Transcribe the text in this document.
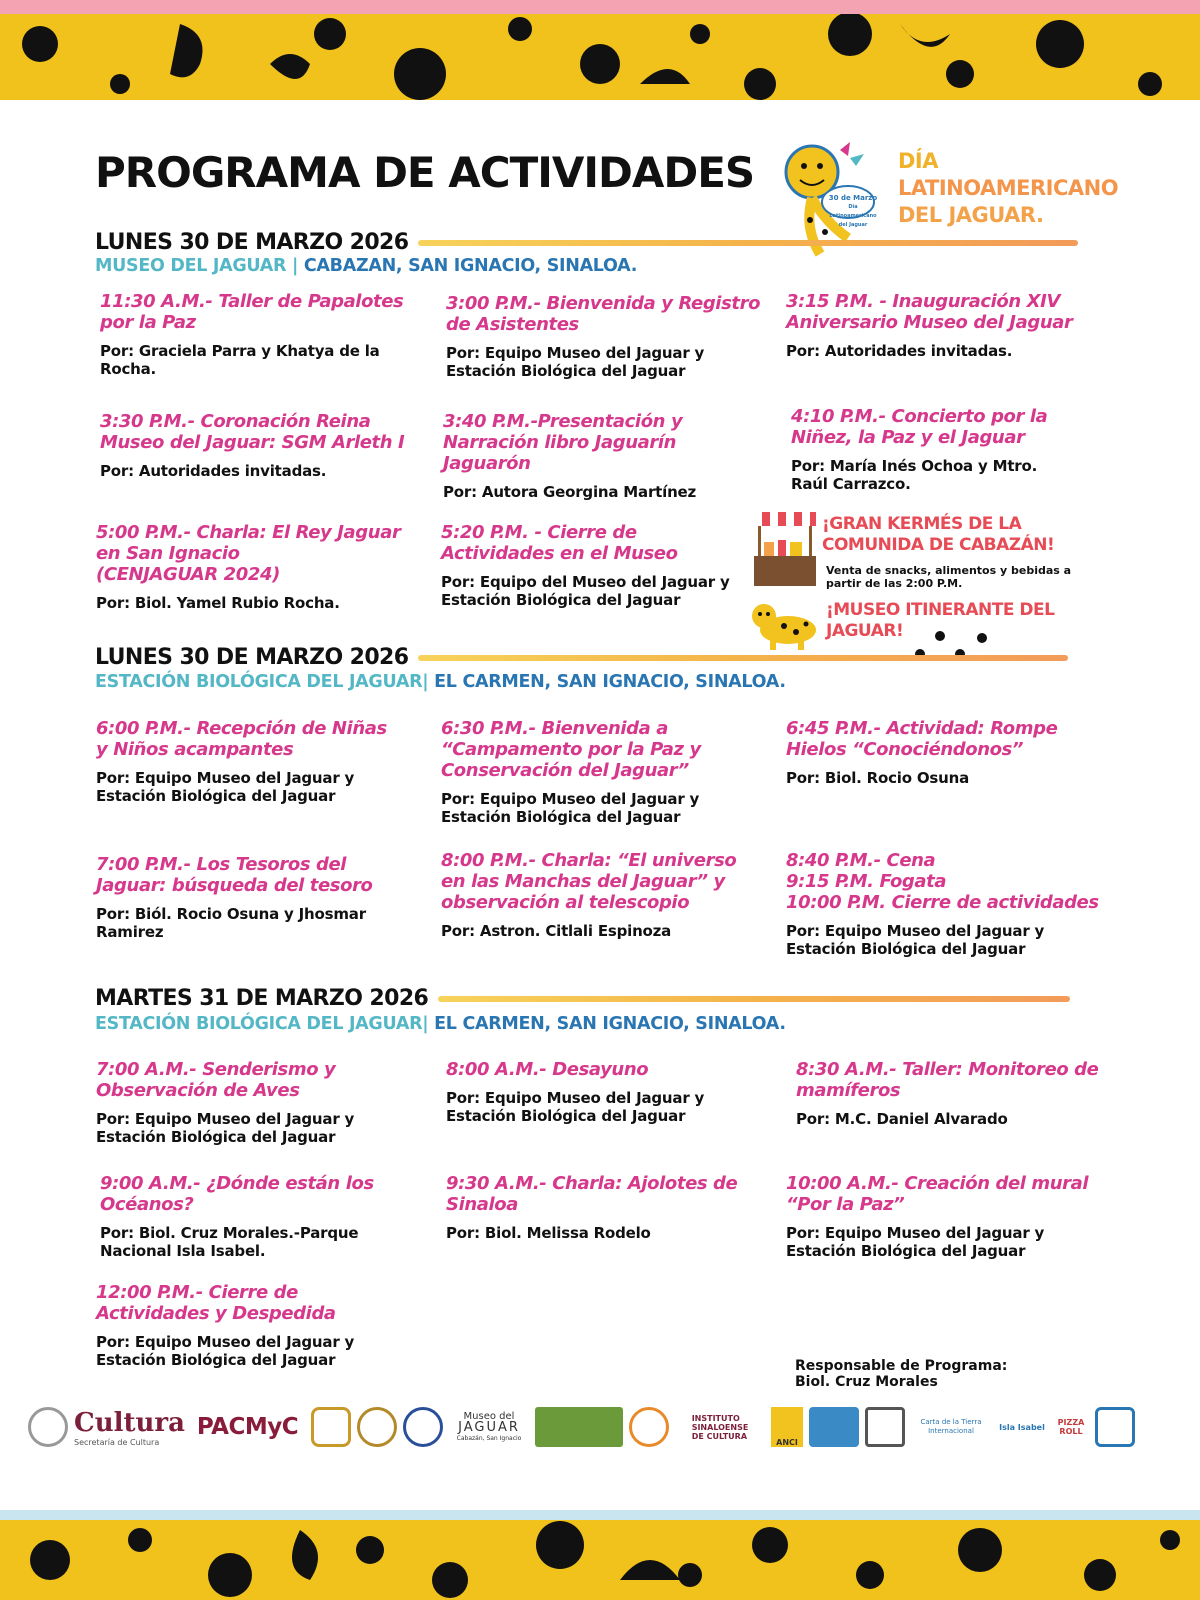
PROGRAMA DE ACTIVIDADES
30 de Marzo
Día Latinoamericano del Jaguar
DÍA
LATINOAMERICANO
DEL JAGUAR.
LUNES 30 DE MARZO 2026
MUSEO DEL JAGUAR | CABAZAN, SAN IGNACIO, SINALOA.
11:30 A.M.- Taller de Papalotes
por la Paz
Por: Graciela Parra y Khatya de la Rocha.
3:00 P.M.- Bienvenida y Registro
de Asistentes
Por: Equipo Museo del Jaguar y Estación Biológica del Jaguar
3:15 P.M. - Inauguración XIV
Aniversario Museo del Jaguar
Por: Autoridades invitadas.
3:30 P.M.- Coronación Reina
Museo del Jaguar: SGM Arleth I
Por: Autoridades invitadas.
3:40 P.M.-Presentación y
Narración libro Jaguarín Jaguarón
Por: Autora Georgina Martínez
4:10 P.M.- Concierto por la
Niñez, la Paz y el Jaguar
Por: María Inés Ochoa y Mtro. Raúl Carrazco.
5:00 P.M.- Charla: El Rey Jaguar
en San Ignacio
(CENJAGUAR 2024)
Por: Biol. Yamel Rubio Rocha.
5:20 P.M. - Cierre de
Actividades en el Museo
Por: Equipo del Museo del Jaguar y Estación Biológica del Jaguar
¡GRAN KERMÉS DE LA COMUNIDA DE CABAZÁN!
Venta de snacks, alimentos y bebidas a partir de las 2:00 P.M.
¡MUSEO ITINERANTE DEL JAGUAR!
LUNES 30 DE MARZO 2026
ESTACIÓN BIOLÓGICA DEL JAGUAR| EL CARMEN, SAN IGNACIO, SINALOA.
6:00 P.M.- Recepción de Niñas
y Niños acampantes
Por: Equipo Museo del Jaguar y Estación Biológica del Jaguar
6:30 P.M.- Bienvenida a
“Campamento por la Paz y
Conservación del Jaguar”
Por: Equipo Museo del Jaguar y Estación Biológica del Jaguar
6:45 P.M.- Actividad: Rompe
Hielos “Conociéndonos”
Por: Biol. Rocio Osuna
7:00 P.M.- Los Tesoros del
Jaguar: búsqueda del tesoro
Por: Biól. Rocio Osuna y Jhosmar Ramirez
8:00 P.M.- Charla: “El universo
en las Manchas del Jaguar” y
observación al telescopio
Por: Astron. Citlali Espinoza
8:40 P.M.- Cena
9:15 P.M. Fogata
10:00 P.M. Cierre de actividades
Por: Equipo Museo del Jaguar y Estación Biológica del Jaguar
MARTES 31 DE MARZO 2026
ESTACIÓN BIOLÓGICA DEL JAGUAR| EL CARMEN, SAN IGNACIO, SINALOA.
7:00 A.M.- Senderismo y
Observación de Aves
Por: Equipo Museo del Jaguar y Estación Biológica del Jaguar
8:00 A.M.- Desayuno
Por: Equipo Museo del Jaguar y Estación Biológica del Jaguar
8:30 A.M.- Taller: Monitoreo de
mamíferos
Por: M.C. Daniel Alvarado
9:00 A.M.- ¿Dónde están los
Océanos?
Por: Biol. Cruz Morales.-Parque Nacional Isla Isabel.
9:30 A.M.- Charla: Ajolotes de
Sinaloa
Por: Biol. Melissa Rodelo
10:00 A.M.- Creación del mural
“Por la Paz”
Por: Equipo Museo del Jaguar y Estación Biológica del Jaguar
12:00 P.M.- Cierre de
Actividades y Despedida
Por: Equipo Museo del Jaguar y Estación Biológica del Jaguar	Responsable de Programa:
Biol. Cruz Morales
Cultura
Secretaría de Cultura
PACMyC	Museo del
JAGUAR
Cabazán, San Ignacio
INSTITUTO
SINALOENSE
DE CULTURA
ANCI
Carta de la Tierra Internacional	Isla Isabel	PIZZA ROLL
